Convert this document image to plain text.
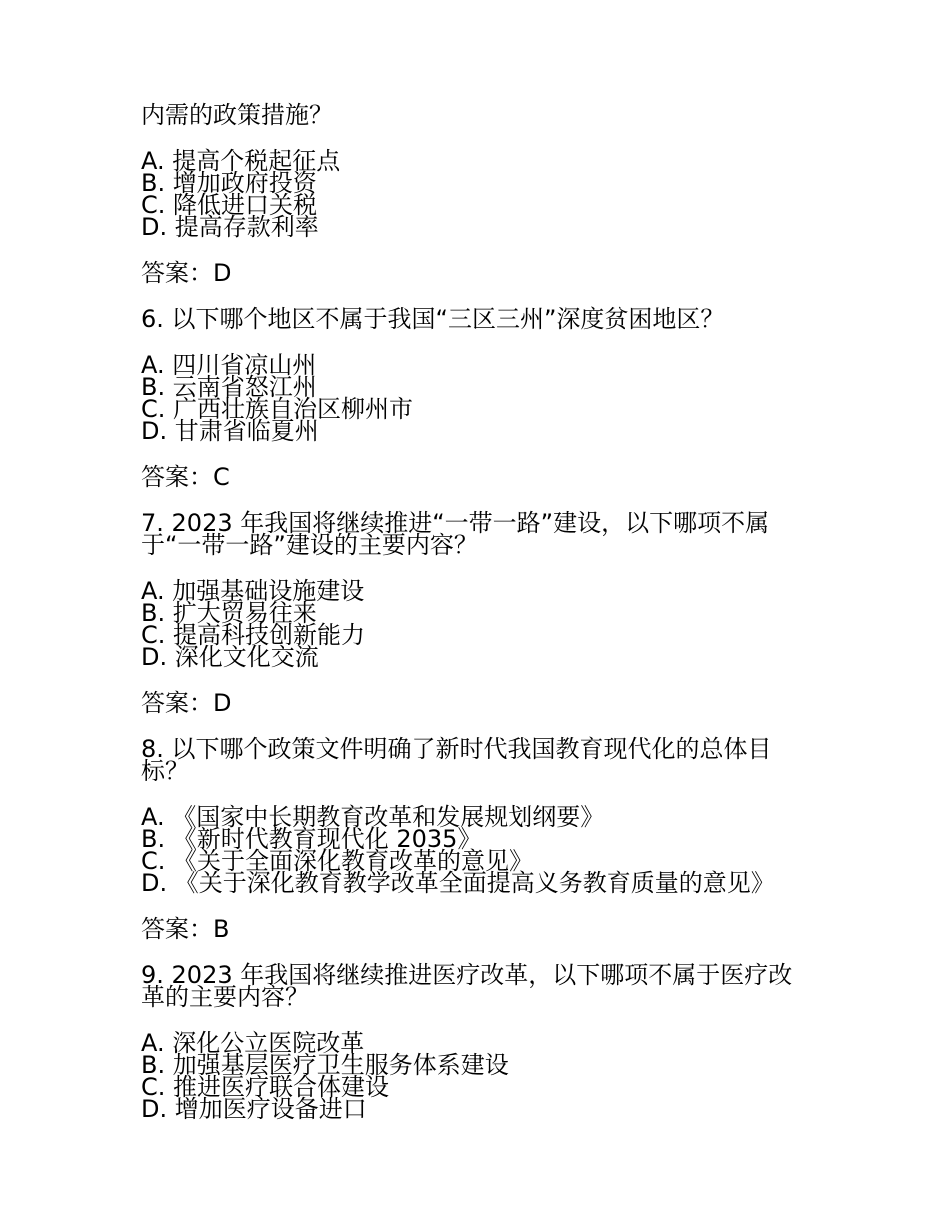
内需的政策措施？

A. 提高个税起征点

B. 增加政府投资

C. 降低进口关税

D. 提高存款利率

答案：D

6. 以下哪个地区不属于我国“三区三州”深度贫困地区？

A. 四川省凉山州

B. 云南省怒江州

C. 广西壮族自治区柳州市

D. 甘肃省临夏州

答案：C

7. 2023 年我国将继续推进“一带一路”建设，以下哪项不属

于“一带一路”建设的主要内容？

A. 加强基础设施建设

B. 扩大贸易往来

C. 提高科技创新能力

D. 深化文化交流

答案：D

8. 以下哪个政策文件明确了新时代我国教育现代化的总体目

标？

A. 《国家中长期教育改革和发展规划纲要》

B. 《新时代教育现代化 2035》

C. 《关于全面深化教育改革的意见》

D. 《关于深化教育教学改革全面提高义务教育质量的意见》

答案：B

9. 2023 年我国将继续推进医疗改革，以下哪项不属于医疗改

革的主要内容？

A. 深化公立医院改革

B. 加强基层医疗卫生服务体系建设

C. 推进医疗联合体建设

D. 增加医疗设备进口
